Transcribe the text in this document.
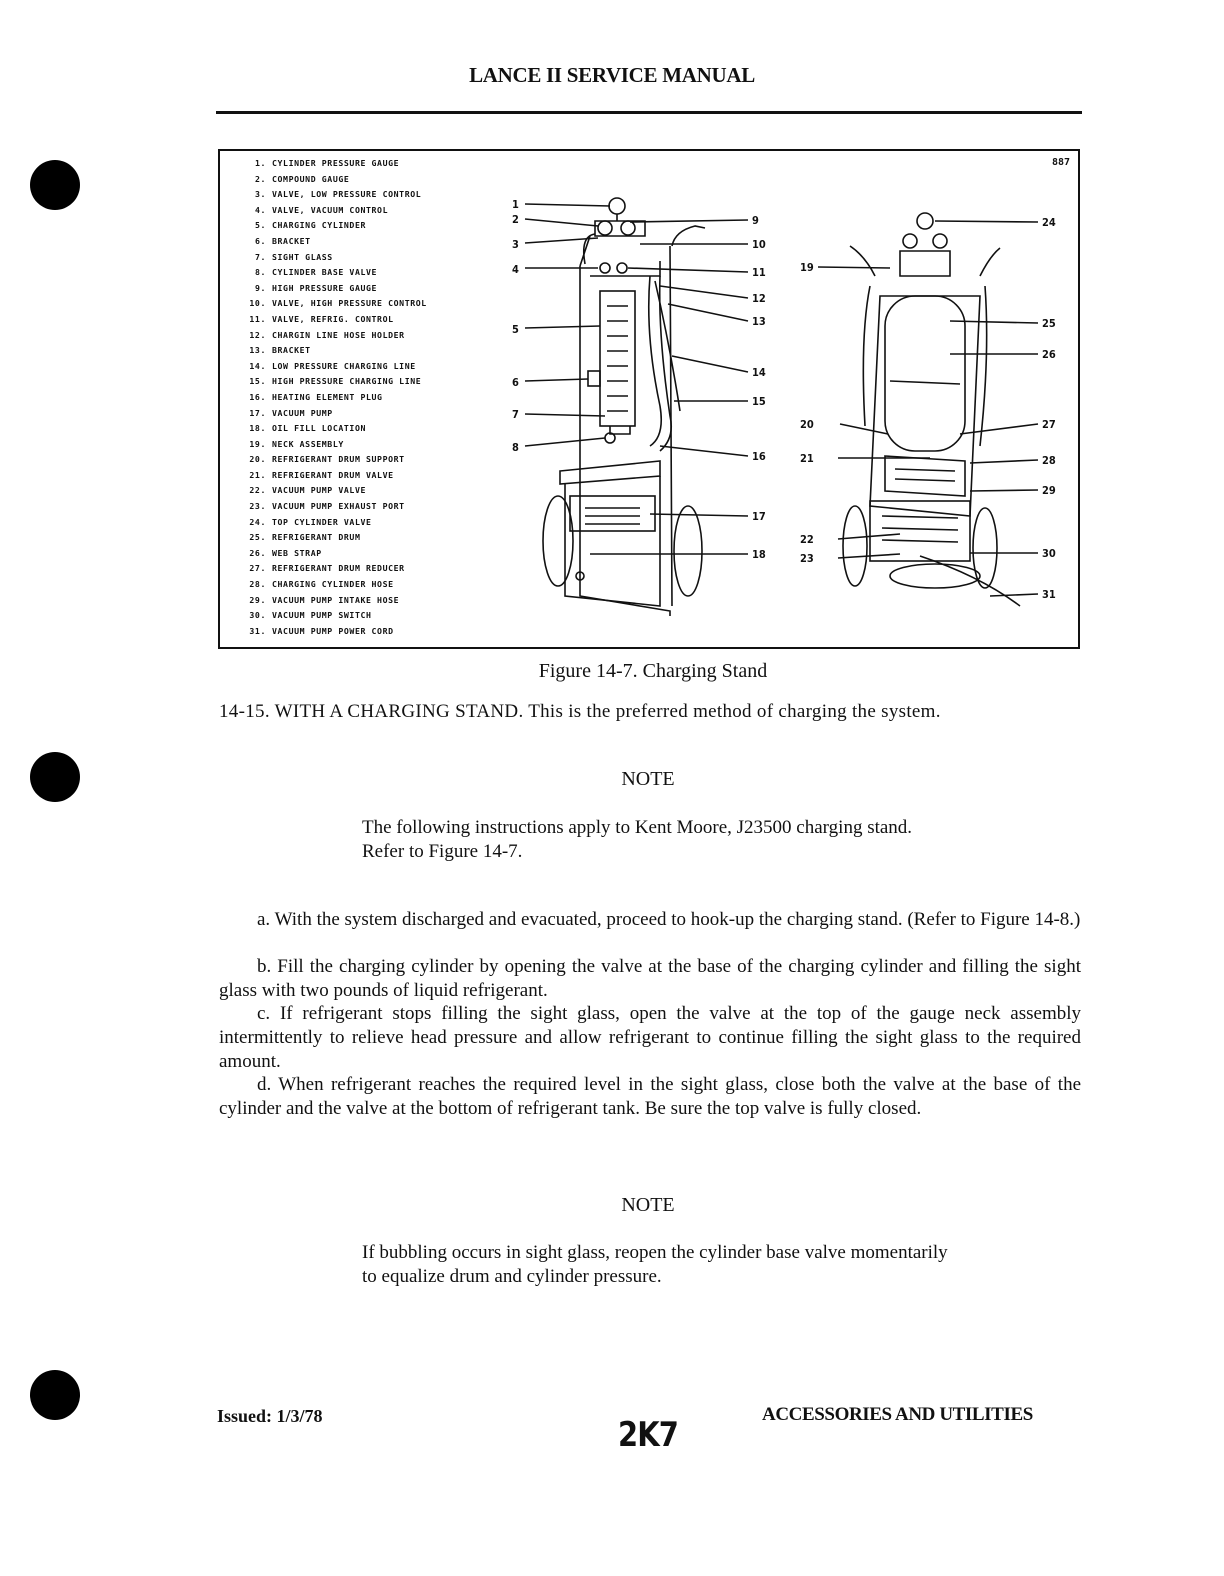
LANCE II SERVICE MANUAL
887
1. CYLINDER PRESSURE GAUGE
2. COMPOUND GAUGE
3. VALVE, LOW PRESSURE CONTROL
4. VALVE, VACUUM CONTROL
5. CHARGING CYLINDER
6. BRACKET
7. SIGHT GLASS
8. CYLINDER BASE VALVE
9. HIGH PRESSURE GAUGE
10. VALVE, HIGH PRESSURE CONTROL
11. VALVE, REFRIG. CONTROL
12. CHARGIN LINE HOSE HOLDER
13. BRACKET
14. LOW PRESSURE CHARGING LINE
15. HIGH PRESSURE CHARGING LINE
16. HEATING ELEMENT PLUG
17. VACUUM PUMP
18. OIL FILL LOCATION
19. NECK ASSEMBLY
20. REFRIGERANT DRUM SUPPORT
21. REFRIGERANT DRUM VALVE
22. VACUUM PUMP VALVE
23. VACUUM PUMP EXHAUST PORT
24. TOP CYLINDER VALVE
25. REFRIGERANT DRUM
26. WEB STRAP
27. REFRIGERANT DRUM REDUCER
28. CHARGING CYLINDER HOSE
29. VACUUM PUMP INTAKE HOSE
30. VACUUM PUMP SWITCH
31. VACUUM PUMP POWER CORD
1
2
3
4
5
6
7
8
9
10
11
12
13
14
15
16
17
18
19
20
21
22
23
24
25
26
27
28
29
30
31
Figure 14-7. Charging Stand
14-15. WITH A CHARGING STAND. This is the preferred method of charging the system.
NOTE
The following instructions apply to Kent Moore, J23500 charging stand. Refer to Figure 14-7.
a. With the system discharged and evacuated, proceed to hook-up the charging stand. (Refer to Figure 14-8.)
b. Fill the charging cylinder by opening the valve at the base of the charging cylinder and filling the sight glass with two pounds of liquid refrigerant.
c. If refrigerant stops filling the sight glass, open the valve at the top of the gauge neck assembly intermittently to relieve head pressure and allow refrigerant to continue filling the sight glass to the required amount.
d. When refrigerant reaches the required level in the sight glass, close both the valve at the base of the cylinder and the valve at the bottom of refrigerant tank. Be sure the top valve is fully closed.
NOTE
If bubbling occurs in sight glass, reopen the cylinder base valve momentarily to equalize drum and cylinder pressure.
Issued: 1/3/78	2K7
ACCESSORIES AND UTILITIES
